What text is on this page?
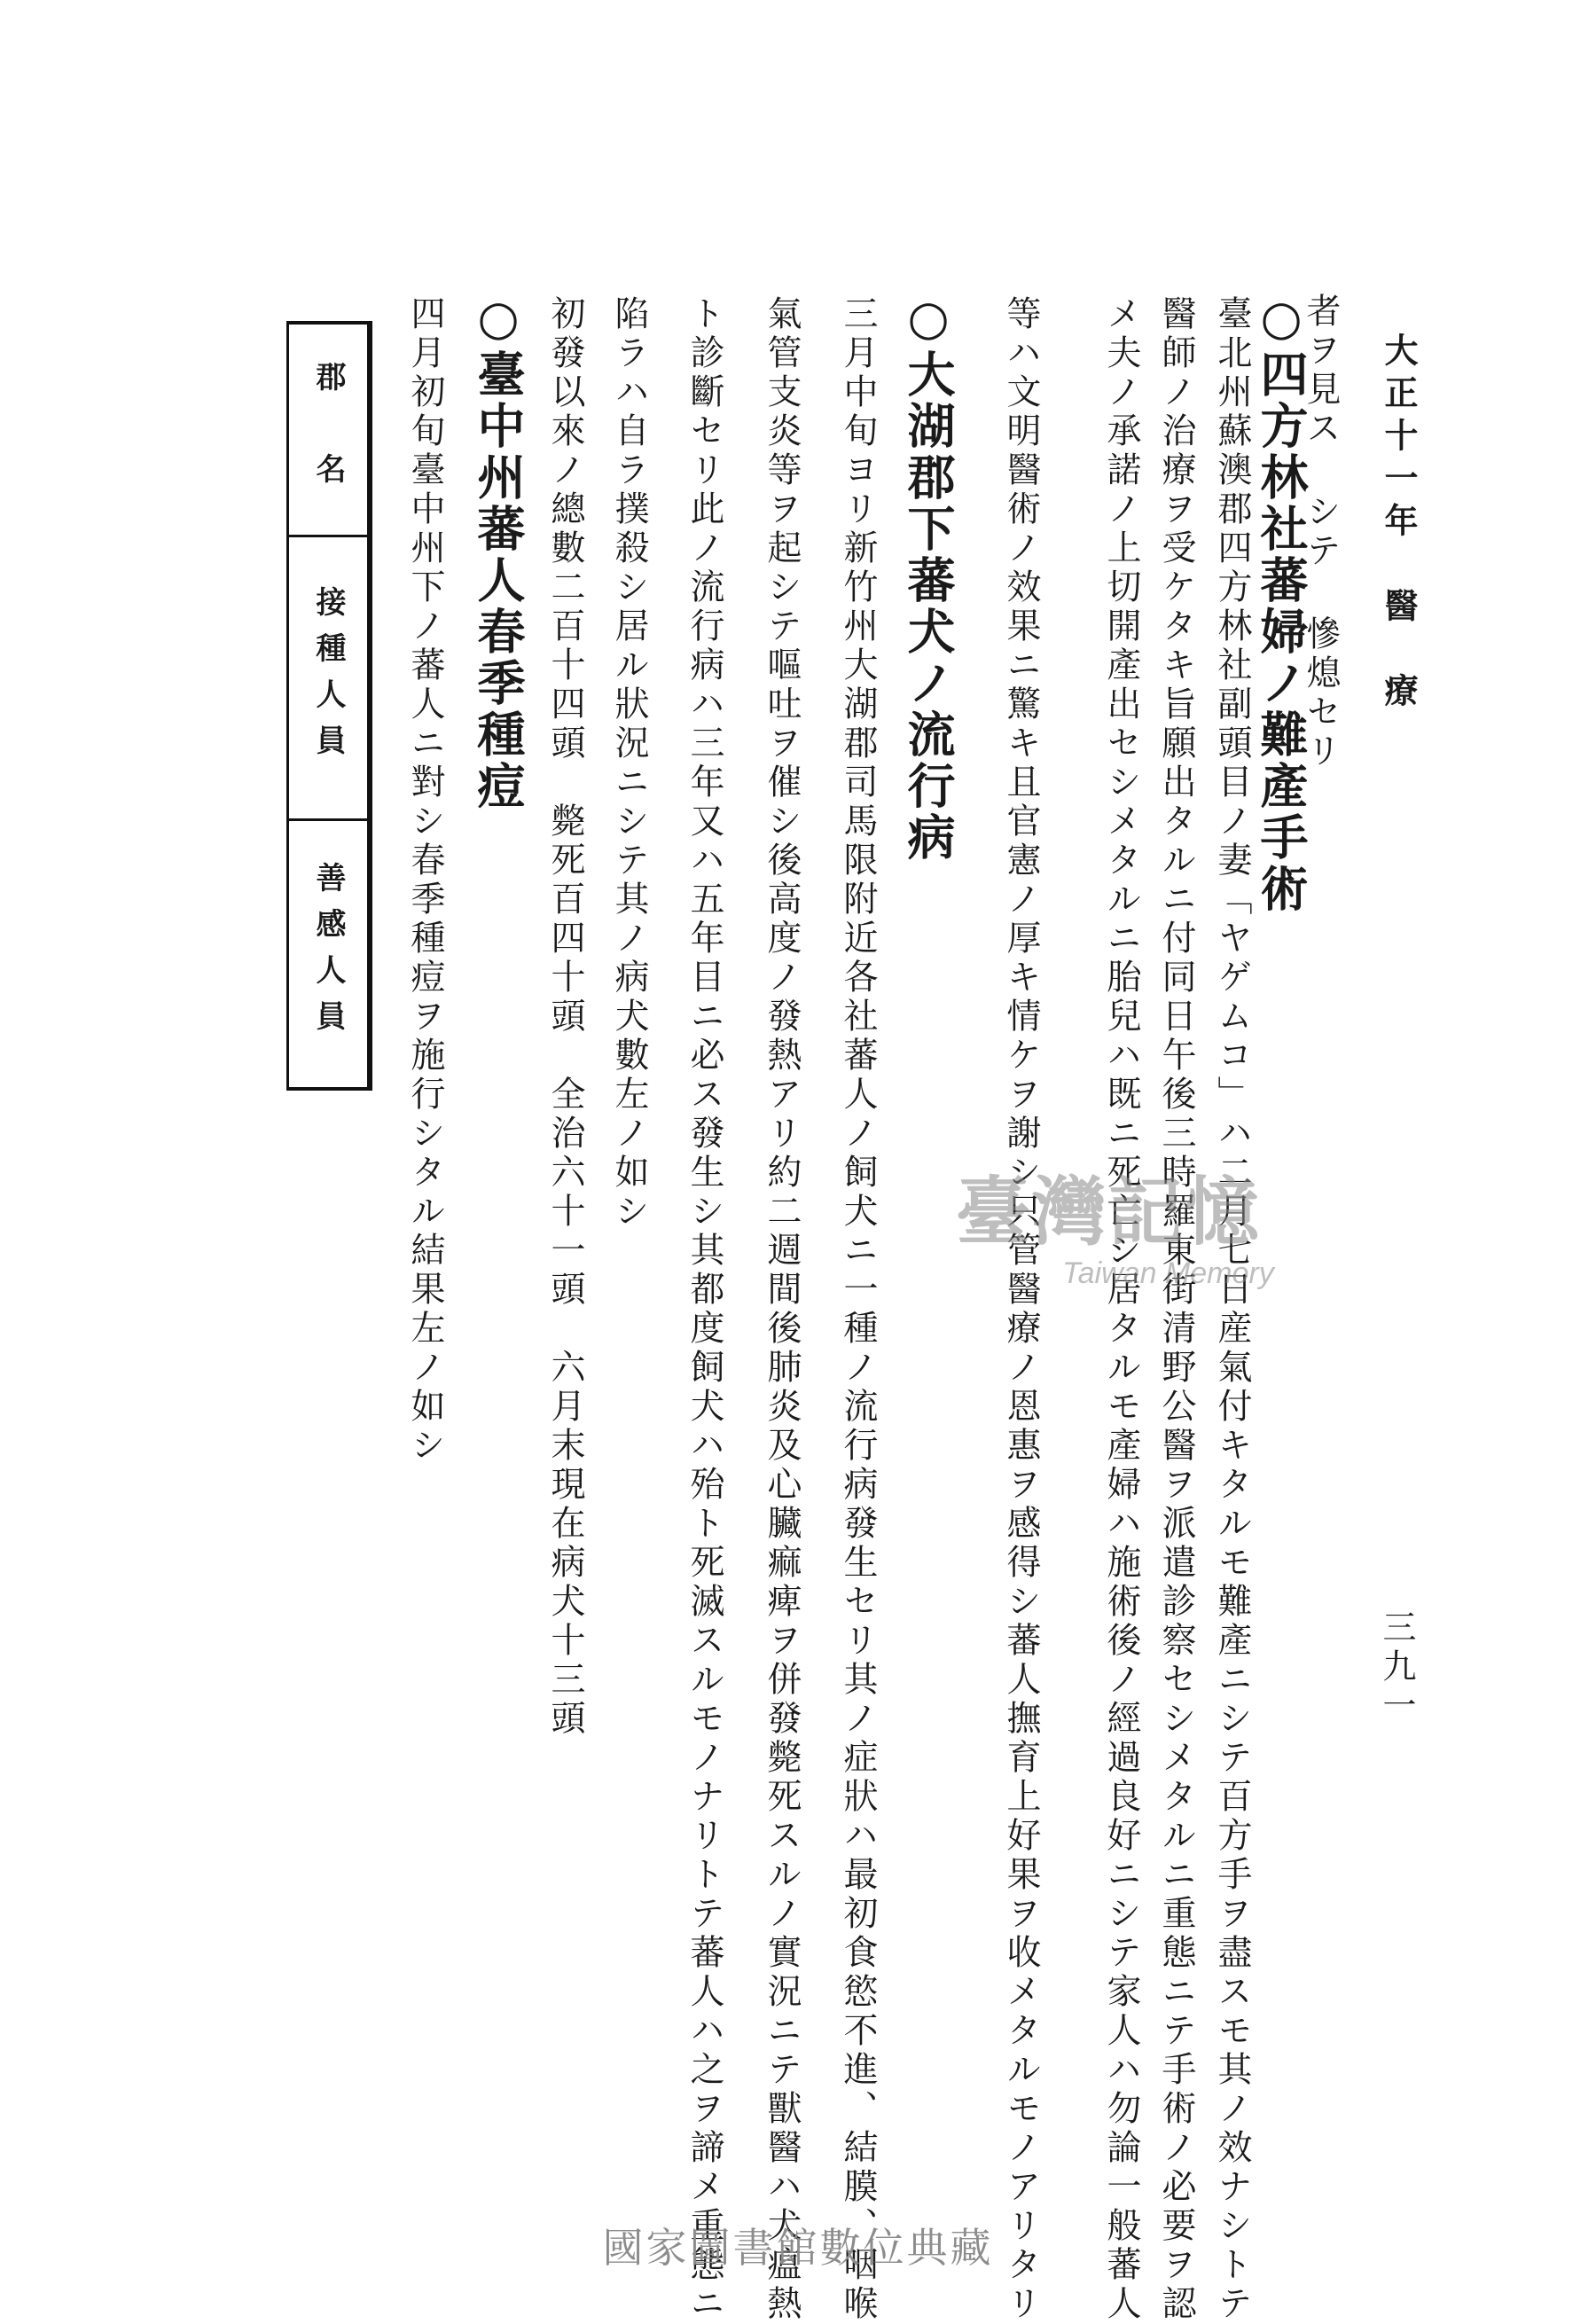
三九一
大正十一年　醫　療
者ヲ見ス シテ 慘熄セリ
○四方林社蕃婦ノ難產手術
臺北州蘇澳郡四方林社副頭目ノ妻「ヤゲムコ」ハ二月七日産氣付キタルモ難產ニシテ百方手ヲ盡スモ其ノ效ナシトテ
醫師ノ治療ヲ受ケタキ旨願出タルニ付同日午後三時羅東街清野公醫ヲ派遣診察セシメタルニ重態ニテ手術ノ必要ヲ認
メ夫ノ承諾ノ上切開產出セシメタルニ胎兒ハ既ニ死亡シ居タルモ產婦ハ施術後ノ經過良好ニシテ家人ハ勿論一般蕃人
等ハ文明醫術ノ效果ニ驚キ且官憲ノ厚キ情ケヲ謝シ只管醫療ノ恩惠ヲ感得シ蕃人撫育上好果ヲ收メタルモノアリタリ
○大湖郡下蕃犬ノ流行病
三月中旬ヨリ新竹州大湖郡司馬限附近各社蕃人ノ飼犬ニ一種ノ流行病發生セリ其ノ症狀ハ最初食慾不進、結膜、咽喉
氣管支炎等ヲ起シテ嘔吐ヲ催シ後高度ノ發熱アリ約二週間後肺炎及心臟痲痺ヲ併發斃死スルノ實況ニテ獸醫ハ犬瘟熱
ト診斷セリ此ノ流行病ハ三年又ハ五年目ニ必ス發生シ其都度飼犬ハ殆ト死滅スルモノナリトテ蕃人ハ之ヲ諦メ重態ニ
陷ラハ自ラ撲殺シ居ル狀況ニシテ其ノ病犬數左ノ如シ
初發以來ノ總數二百十四頭　斃死百四十頭　全治六十一頭　六月末現在病犬十三頭
○臺中州蕃人春季種痘
四月初旬臺中州下ノ蕃人ニ對シ春季種痘ヲ施行シタル結果左ノ如シ
郡　名
接種人員
善感人員
臺灣記憶
Taiwan Memory
國家圖書館數位典藏
